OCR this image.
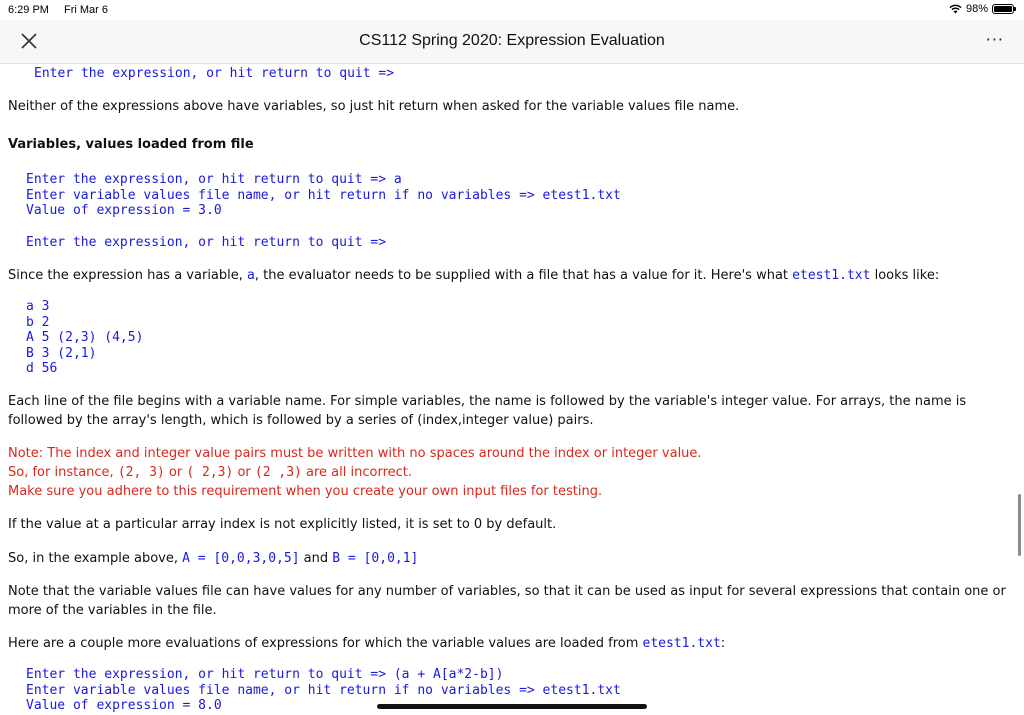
6:29 PM Fri Mar 6	98%
CS112 Spring 2020: Expression Evaluation	···
Enter the expression, or hit return to quit =>
Neither of the expressions above have variables, so just hit return when asked for the variable values file name.
Variables, values loaded from file
Enter the expression, or hit return to quit => a
Enter variable values file name, or hit return if no variables => etest1.txt
Value of expression = 3.0
Enter the expression, or hit return to quit =>
Since the expression has a variable, a, the evaluator needs to be supplied with a file that has a value for it. Here's what etest1.txt looks like:
a 3
b 2
A 5 (2,3) (4,5)
B 3 (2,1)
d 56
Each line of the file begins with a variable name. For simple variables, the name is followed by the variable's integer value. For arrays, the name is
followed by the array's length, which is followed by a series of (index,integer value) pairs.
Note: The index and integer value pairs must be written with no spaces around the index or integer value.
So, for instance, (2, 3) or ( 2,3) or (2 ,3) are all incorrect.
Make sure you adhere to this requirement when you create your own input files for testing.
If the value at a particular array index is not explicitly listed, it is set to 0 by default.
So, in the example above, A = [0,0,3,0,5] and B = [0,0,1]
Note that the variable values file can have values for any number of variables, so that it can be used as input for several expressions that contain one or
more of the variables in the file.
Here are a couple more evaluations of expressions for which the variable values are loaded from etest1.txt:
Enter the expression, or hit return to quit => (a + A[a*2-b])
Enter variable values file name, or hit return if no variables => etest1.txt
Value of expression = 8.0
